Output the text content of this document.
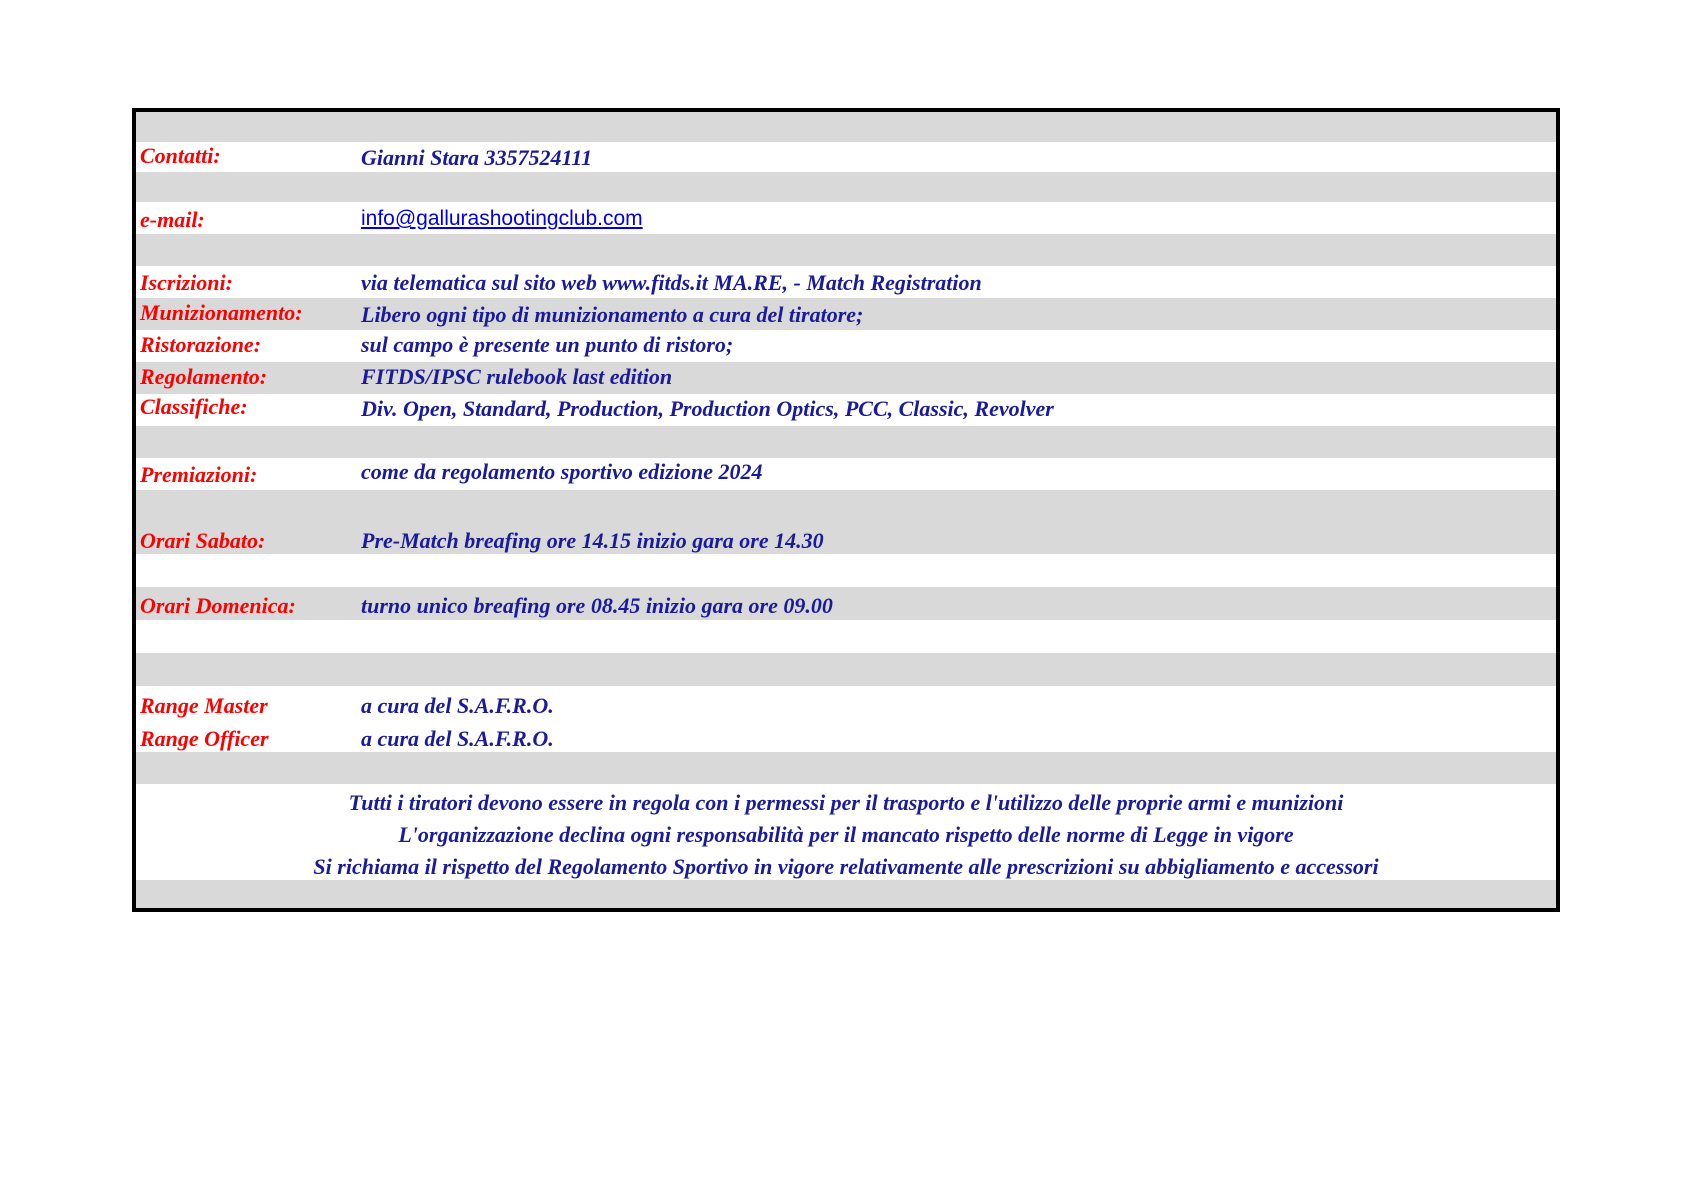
Contatti:	Gianni Stara 3357524111
e-mail:	info@gallurashootingclub.com
Iscrizioni:	via telematica sul sito web www.fitds.it MA.RE, - Match Registration
Munizionamento:	Libero ogni tipo di munizionamento a cura del tiratore;
Ristorazione:	sul campo è presente un punto di ristoro;
Regolamento:	FITDS/IPSC rulebook last edition
Classifiche:	Div. Open, Standard, Production, Production Optics, PCC, Classic, Revolver
Premiazioni:	come da regolamento sportivo edizione 2024
Orari Sabato:	Pre-Match breafing ore 14.15 inizio gara ore 14.30
Orari Domenica:	turno unico breafing ore 08.45 inizio gara ore 09.00
Range Master	a cura del S.A.F.R.O.
Range Officer	a cura del S.A.F.R.O.
Tutti i tiratori devono essere in regola con i permessi per il trasporto e l'utilizzo delle proprie armi e munizioni
L'organizzazione declina ogni responsabilità per il mancato rispetto delle norme di Legge in vigore
Si richiama il rispetto del Regolamento Sportivo in vigore relativamente alle prescrizioni su abbigliamento e accessori
